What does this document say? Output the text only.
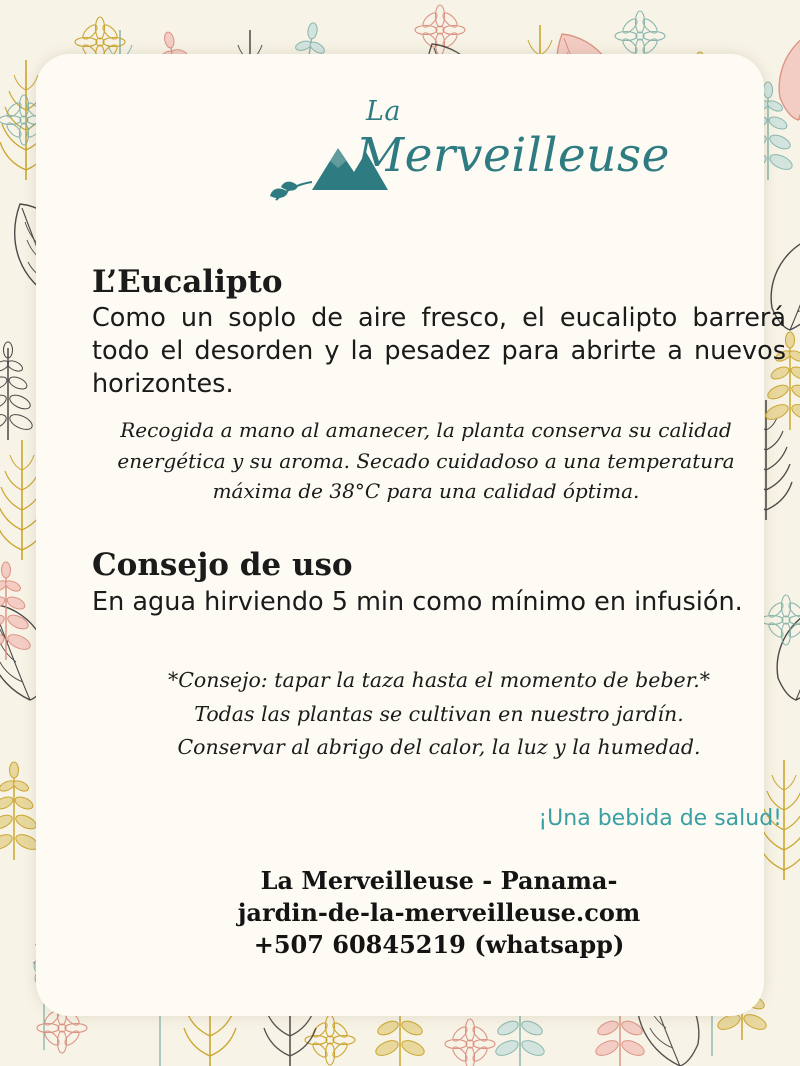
La
Merveilleuse
L’Eucalipto

Como un soplo de aire fresco, el eucalipto barrerá todo el desorden y la pesadez para abrirte a nuevos horizontes.

Recogida a mano al amanecer, la planta conserva su calidad energética y su aroma. Secado cuidadoso a una temperatura máxima de 38°C para una calidad óptima.

Consejo de uso

En agua hirviendo 5 min como mínimo en infusión.

*Consejo: tapar la taza hasta el momento de beber.*
Todas las plantas se cultivan en nuestro jardín.
Conservar al abrigo del calor, la luz y la humedad.
¡Una bebida de salud!
La Merveilleuse - Panama-
jardin-de-la-merveilleuse.com
+507 60845219 (whatsapp)
